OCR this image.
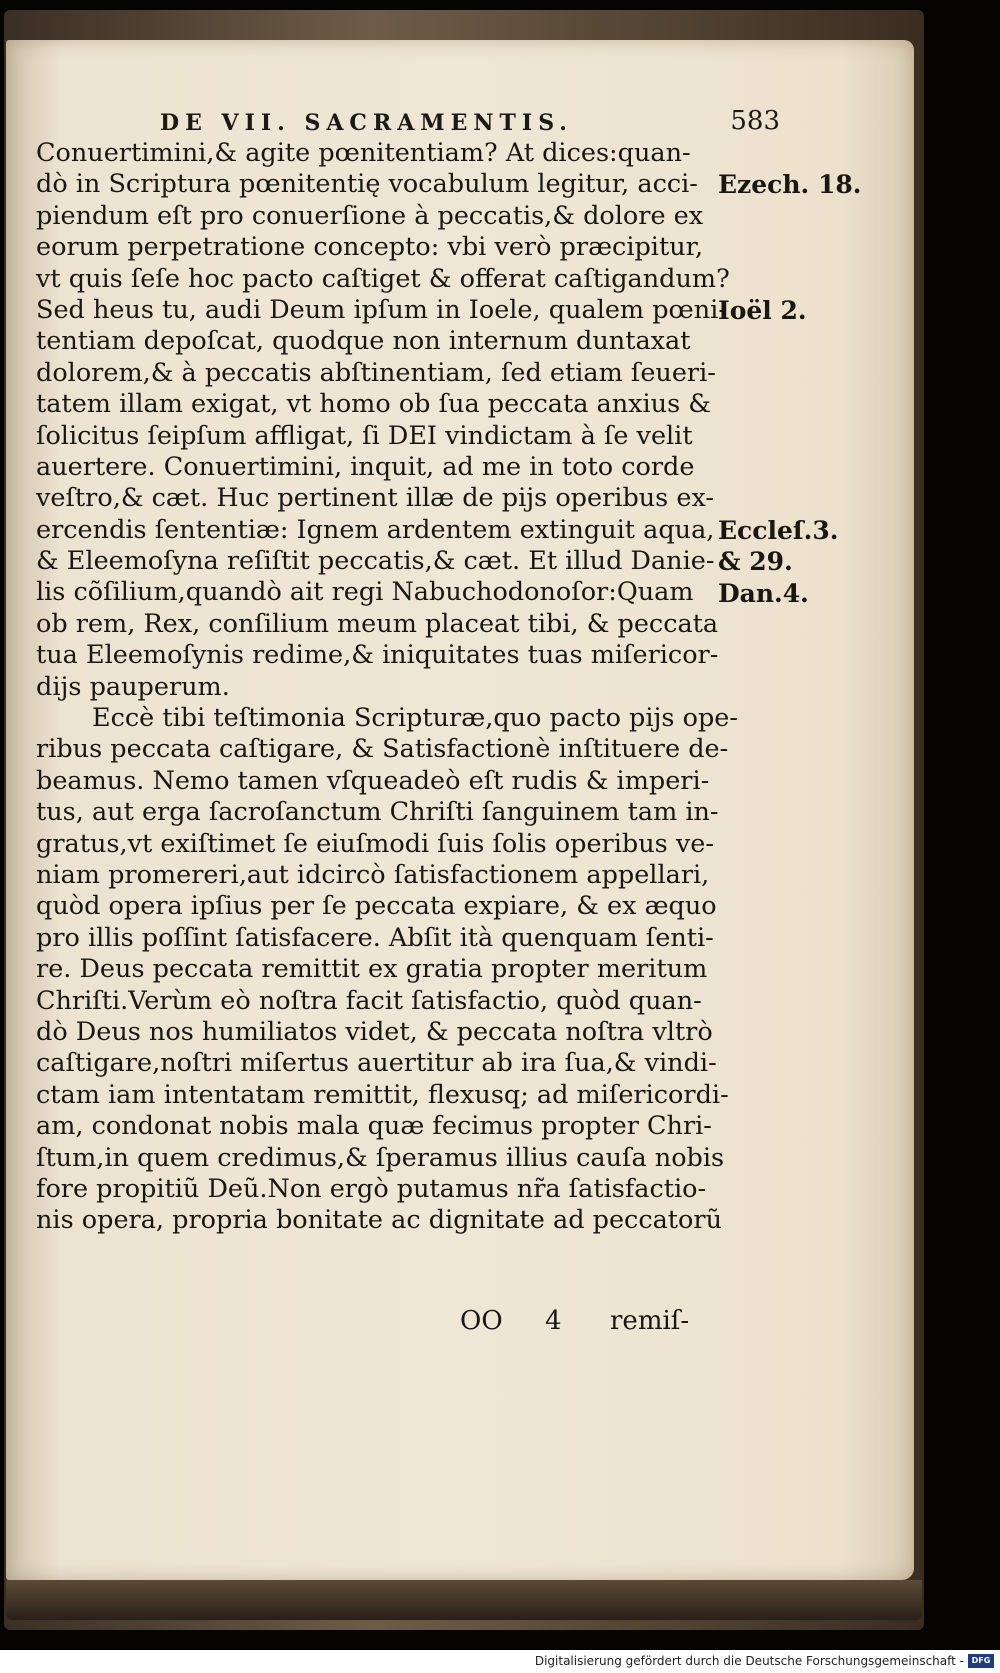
DE VII. SACRAMENTIS.	583
Conuertimini,& agite pœnitentiam? At dices:quan-
dò in Scriptura pœnitentię vocabulum legitur, acci-
piendum eſt pro conuerſione à peccatis,& dolore ex
eorum perpetratione concepto: vbi verò præcipitur,
vt quis ſeſe hoc pacto caſtiget & offerat caſtigandum?
Sed heus tu, audi Deum ipſum in Ioele, qualem pœni-
tentiam depoſcat, quodque non internum duntaxat
dolorem,& à peccatis abſtinentiam, ſed etiam ſeueri-
tatem illam exigat, vt homo ob ſua peccata anxius &
ſolicitus ſeipſum affligat, ſi DEI vindictam à ſe velit
auertere. Conuertimini, inquit, ad me in toto corde
veſtro,& cæt. Huc pertinent illæ de pijs operibus ex-
ercendis ſententiæ: Ignem ardentem extinguit aqua,
& Eleemoſyna reſiſtit peccatis,& cæt. Et illud Danie-
lis cõſilium,quandò ait regi Nabuchodonoſor:Quam
ob rem, Rex, conſilium meum placeat tibi, & peccata
tua Eleemoſynis redime,& iniquitates tuas miſericor-
dijs pauperum.
Eccè tibi teſtimonia Scripturæ,quo pacto pijs ope-
ribus peccata caſtigare, & Satisfactionè inſtituere de-
beamus. Nemo tamen vſqueadeò eſt rudis & imperi-
tus, aut erga ſacroſanctum Chriſti ſanguinem tam in-
gratus,vt exiſtimet ſe eiuſmodi ſuis ſolis operibus ve-
niam promereri,aut idcircò ſatisfactionem appellari,
quòd opera ipſius per ſe peccata expiare, & ex æquo
pro illis poſſint ſatisfacere. Abſit ità quenquam ſenti-
re. Deus peccata remittit ex gratia propter meritum
Chriſti.Verùm eò noſtra facit ſatisfactio, quòd quan-
dò Deus nos humiliatos videt, & peccata noſtra vltrò
caſtigare,noſtri miſertus auertitur ab ira ſua,& vindi-
ctam iam intentatam remittit, flexusq; ad miſericordi-
am, condonat nobis mala quæ fecimus propter Chri-
ſtum,in quem credimus,& ſperamus illius cauſa nobis
fore propitiũ Deũ.Non ergò putamus nr̃a ſatisfactio-
nis opera, propria bonitate ac dignitate ad peccatorũ
Ezech. 18.
Ioël 2.
Eccleſ.3.
& 29.
Dan.4.
OO 4 remiſ-
Digitalisierung gefördert durch die Deutsche Forschungsgemeinschaft - DFG
